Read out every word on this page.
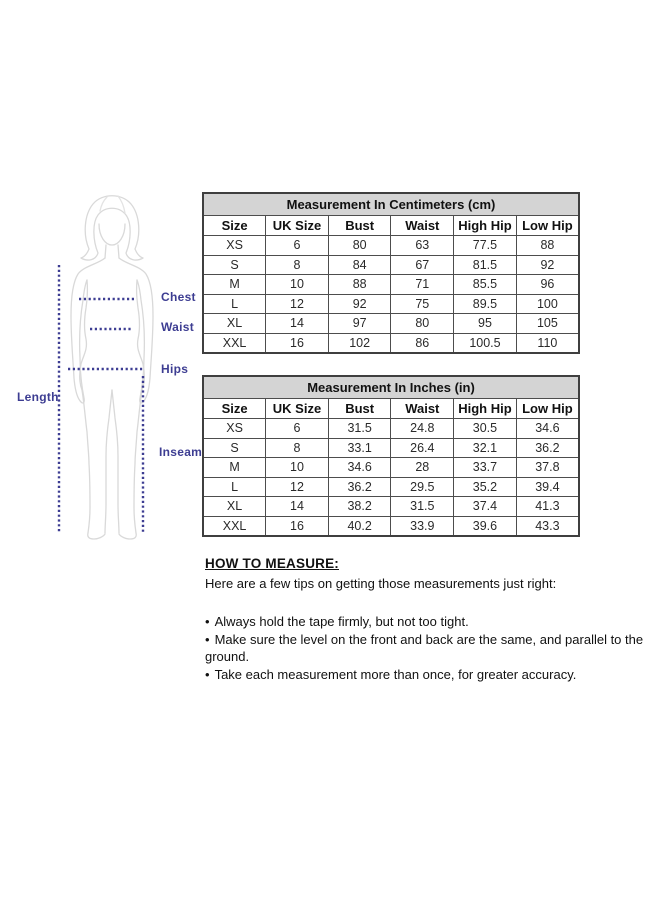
Chest
Waist
Hips
Length
Inseam
Measurement In Centimeters (cm)					
Size	UK Size	Bust	Waist	High Hip	Low Hip
XS	6	80	63	77.5	88
S	8	84	67	81.5	92
M	10	88	71	85.5	96
L	12	92	75	89.5	100
XL	14	97	80	95	105
XXL	16	102	86	100.5	110
Measurement In Inches (in)					
Size	UK Size	Bust	Waist	High Hip	Low Hip
XS	6	31.5	24.8	30.5	34.6
S	8	33.1	26.4	32.1	36.2
M	10	34.6	28	33.7	37.8
L	12	36.2	29.5	35.2	39.4
XL	14	38.2	31.5	37.4	41.3
XXL	16	40.2	33.9	39.6	43.3
HOW TO MEASURE:

Here are a few tips on getting those measurements just right:

• Always hold the tape firmly, but not too tight.
• Make sure the level on the front and back are the same, and parallel to the ground.
• Take each measurement more than once, for greater accuracy.
